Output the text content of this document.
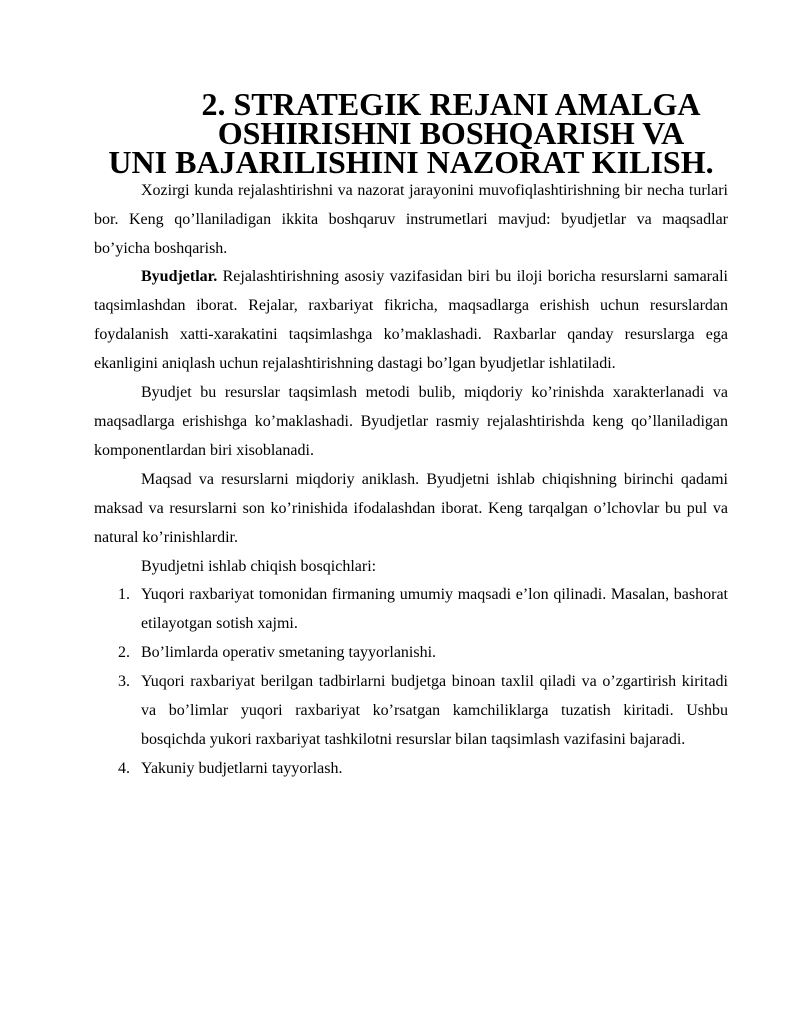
2. STRATEGIK REJANI AMALGA OSHIRISHNI BOSHQARISH VA
UNI BAJARILISHINI NAZORAT KILISH.

Xozirgi kunda rejalashtirishni va nazorat jarayonini muvofiqlashtirishning bir necha turlari bor. Keng qo’llaniladigan ikkita boshqaruv instrumetlari mavjud: byudjetlar va maqsadlar bo’yicha boshqarish.

Byudjetlar. Rejalashtirishning asosiy vazifasidan biri bu iloji boricha resurslarni samarali taqsimlashdan iborat. Rejalar, raxbariyat fikricha, maqsadlarga erishish uchun resurslardan foydalanish xatti-xarakatini taqsimlashga ko’maklashadi. Raxbarlar qanday resurslarga ega ekanligini aniqlash uchun rejalashtirishning dastagi bo’lgan byudjetlar ishlatiladi.

Byudjet bu resurslar taqsimlash metodi bulib, miqdoriy ko’rinishda xarakterlanadi va maqsadlarga erishishga ko’maklashadi. Byudjetlar rasmiy rejalashtirishda keng qo’llaniladigan komponentlardan biri xisoblanadi.

Maqsad va resurslarni miqdoriy aniklash. Byudjetni ishlab chiqishning birinchi qadami maksad va resurslarni son ko’rinishida ifodalashdan iborat. Keng tarqalgan o’lchovlar bu pul va natural ko’rinishlardir.

Byudjetni ishlab chiqish bosqichlari:

1. Yuqori raxbariyat tomonidan firmaning umumiy maqsadi e’lon qilinadi. Masalan, bashorat etilayotgan sotish xajmi.
2. Bo’limlarda operativ smetaning tayyorlanishi.
3. Yuqori raxbariyat berilgan tadbirlarni budjetga binoan taxlil qiladi va o’zgartirish kiritadi va bo’limlar yuqori raxbariyat ko’rsatgan kamchiliklarga tuzatish kiritadi. Ushbu bosqichda yukori raxbariyat tashkilotni resurslar bilan taqsimlash vazifasini bajaradi.
4. Yakuniy budjetlarni tayyorlash.
